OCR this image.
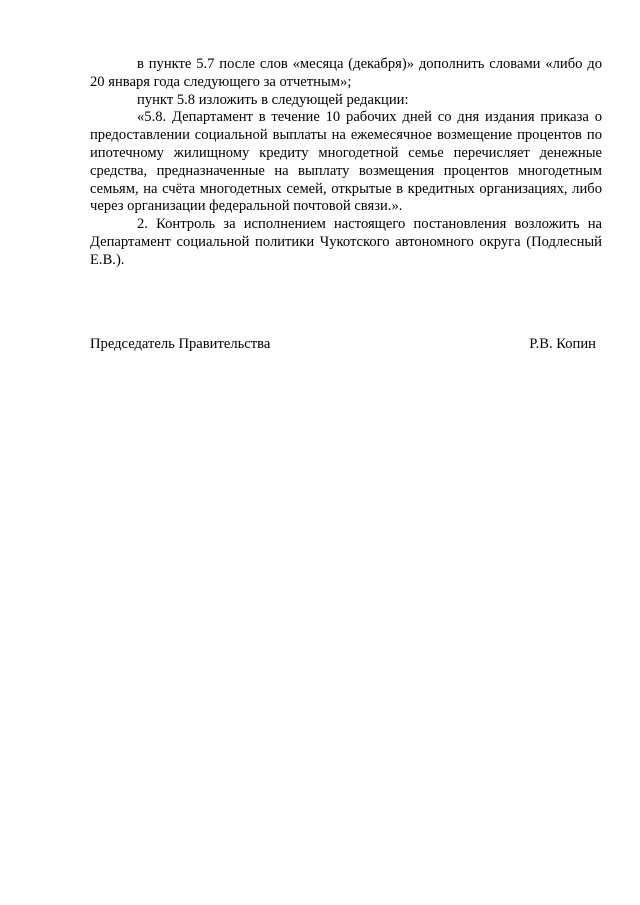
в пункте 5.7 после слов «месяца (декабря)» дополнить словами «либо до 20 января года следующего за отчетным»;

пункт 5.8 изложить в следующей редакции:

«5.8. Департамент в течение 10 рабочих дней со дня издания приказа о предоставлении социальной выплаты на ежемесячное возмещение процентов по ипотечному жилищному кредиту многодетной семье перечисляет денежные средства, предназначенные на выплату возмещения процентов многодетным семьям, на счёта многодетных семей, открытые в кредитных организациях, либо через организации федеральной почтовой связи.».

2. Контроль за исполнением настоящего постановления возложить на Департамент социальной политики Чукотского автономного округа (Подлесный Е.В.).

Председатель Правительства	Р.В. Копин
